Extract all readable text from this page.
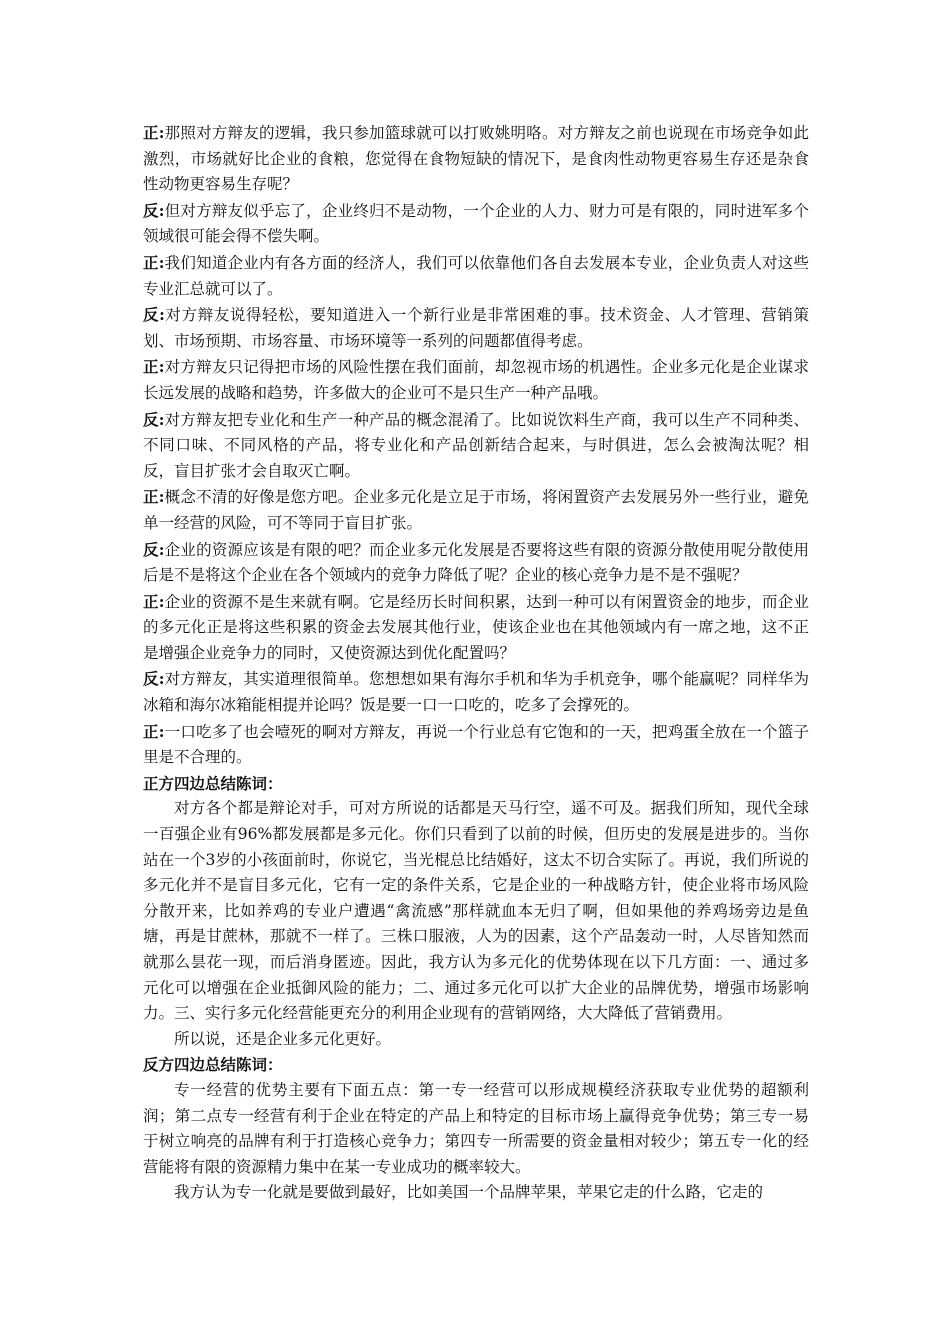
正:那照对方辩友的逻辑，我只参加篮球就可以打败姚明咯。对方辩友之前也说现在市场竞争如此激烈，市场就好比企业的食粮，您觉得在食物短缺的情况下，是食肉性动物更容易生存还是杂食性动物更容易生存呢？

反:但对方辩友似乎忘了，企业终归不是动物，一个企业的人力、财力可是有限的，同时进军多个领域很可能会得不偿失啊。

正:我们知道企业内有各方面的经济人，我们可以依靠他们各自去发展本专业，企业负责人对这些专业汇总就可以了。

反:对方辩友说得轻松，要知道进入一个新行业是非常困难的事。技术资金、人才管理、营销策划、市场预期、市场容量、市场环境等一系列的问题都值得考虑。

正:对方辩友只记得把市场的风险性摆在我们面前，却忽视市场的机遇性。企业多元化是企业谋求长远发展的战略和趋势，许多做大的企业可不是只生产一种产品哦。

反:对方辩友把专业化和生产一种产品的概念混淆了。比如说饮料生产商，我可以生产不同种类、不同口味、不同风格的产品，将专业化和产品创新结合起来，与时俱进，怎么会被淘汰呢？相反，盲目扩张才会自取灭亡啊。

正:概念不清的好像是您方吧。企业多元化是立足于市场，将闲置资产去发展另外一些行业，避免单一经营的风险，可不等同于盲目扩张。

反:企业的资源应该是有限的吧？而企业多元化发展是否要将这些有限的资源分散使用呢分散使用后是不是将这个企业在各个领域内的竞争力降低了呢？企业的核心竞争力是不是不强呢？

正:企业的资源不是生来就有啊。它是经历长时间积累，达到一种可以有闲置资金的地步，而企业的多元化正是将这些积累的资金去发展其他行业，使该企业也在其他领域内有一席之地，这不正是增强企业竞争力的同时，又使资源达到优化配置吗？

反:对方辩友，其实道理很简单。您想想如果有海尔手机和华为手机竞争，哪个能赢呢？同样华为冰箱和海尔冰箱能相提并论吗？饭是要一口一口吃的，吃多了会撑死的。

正:一口吃多了也会噎死的啊对方辩友，再说一个行业总有它饱和的一天，把鸡蛋全放在一个篮子里是不合理的。

正方四边总结陈词：

对方各个都是辩论对手，可对方所说的话都是天马行空，遥不可及。据我们所知，现代全球一百强企业有96%都发展都是多元化。你们只看到了以前的时候，但历史的发展是进步的。当你站在一个3岁的小孩面前时，你说它，当光棍总比结婚好，这太不切合实际了。再说，我们所说的多元化并不是盲目多元化，它有一定的条件关系，它是企业的一种战略方针，使企业将市场风险分散开来，比如养鸡的专业户遭遇“禽流感”那样就血本无归了啊，但如果他的养鸡场旁边是鱼塘，再是甘蔗林，那就不一样了。三株口服液，人为的因素，这个产品轰动一时，人尽皆知然而就那么昙花一现，而后消身匿迹。因此，我方认为多元化的优势体现在以下几方面：一、通过多元化可以增强在企业抵御风险的能力；二、通过多元化可以扩大企业的品牌优势，增强市场影响力。三、实行多元化经营能更充分的利用企业现有的营销网络，大大降低了营销费用。

所以说，还是企业多元化更好。

反方四边总结陈词：

专一经营的优势主要有下面五点：第一专一经营可以形成规模经济获取专业优势的超额利润；第二点专一经营有利于企业在特定的产品上和特定的目标市场上赢得竞争优势；第三专一易于树立响亮的品牌有利于打造核心竞争力；第四专一所需要的资金量相对较少；第五专一化的经营能将有限的资源精力集中在某一专业成功的概率较大。

我方认为专一化就是要做到最好，比如美国一个品牌苹果，苹果它走的什么路，它走的
